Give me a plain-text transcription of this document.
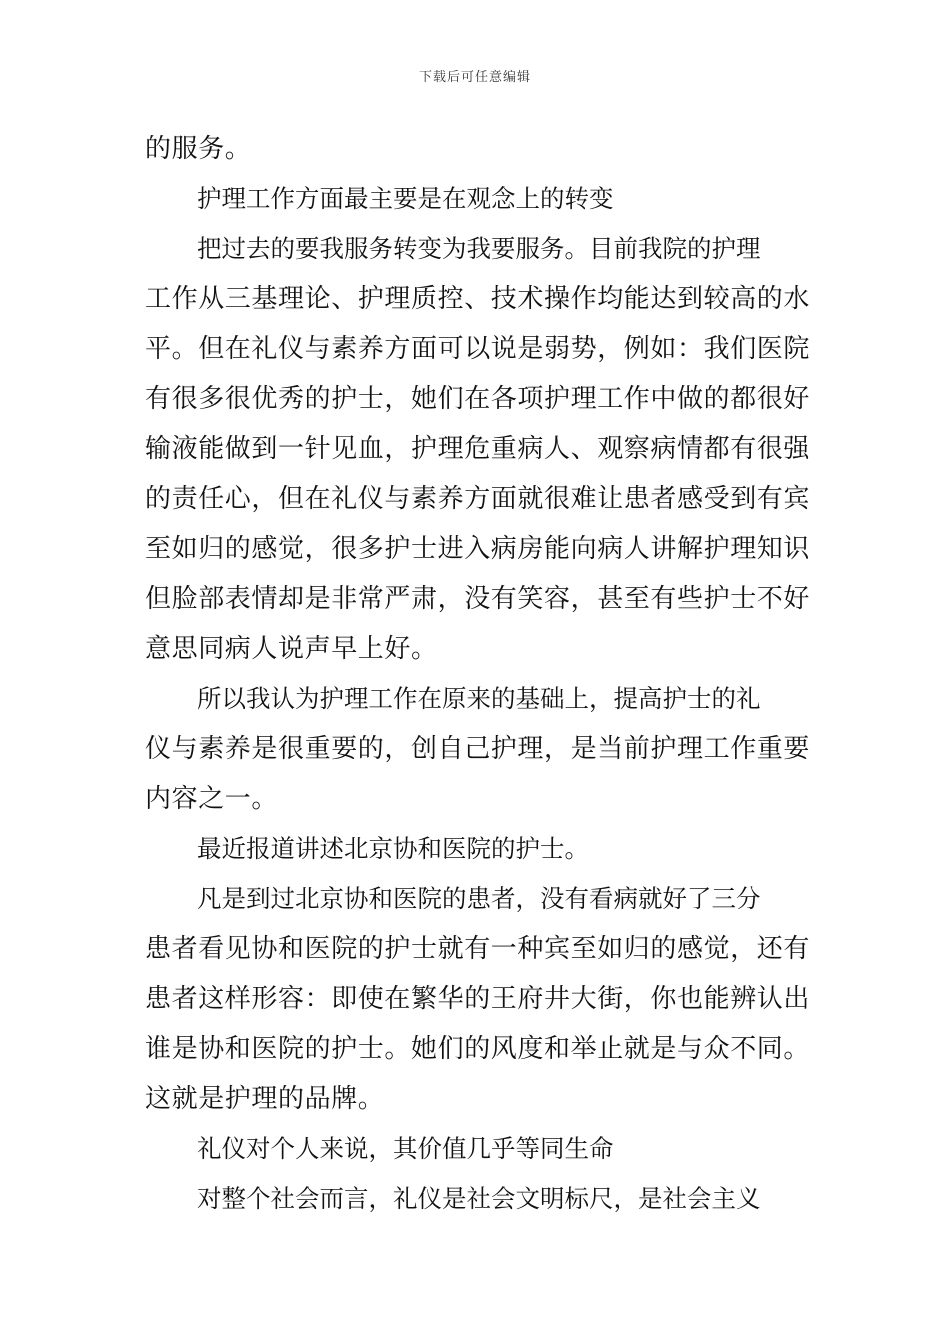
下载后可任意编辑
的服务。
护理工作方面最主要是在观念上的转变
把过去的要我服务转变为我要服务。目前我院的护理
工作从三基理论、护理质控、技术操作均能达到较高的水
平。但在礼仪与素养方面可以说是弱势，例如：我们医院
有很多很优秀的护士，她们在各项护理工作中做的都很好
输液能做到一针见血，护理危重病人、观察病情都有很强
的责任心，但在礼仪与素养方面就很难让患者感受到有宾
至如归的感觉，很多护士进入病房能向病人讲解护理知识
但脸部表情却是非常严肃，没有笑容，甚至有些护士不好
意思同病人说声早上好。
所以我认为护理工作在原来的基础上，提高护士的礼
仪与素养是很重要的，创自己护理，是当前护理工作重要
内容之一。
最近报道讲述北京协和医院的护士。
凡是到过北京协和医院的患者，没有看病就好了三分
患者看见协和医院的护士就有一种宾至如归的感觉，还有
患者这样形容：即使在繁华的王府井大街，你也能辨认出
谁是协和医院的护士。她们的风度和举止就是与众不同。
这就是护理的品牌。
礼仪对个人来说，其价值几乎等同生命
对整个社会而言，礼仪是社会文明标尺，是社会主义
